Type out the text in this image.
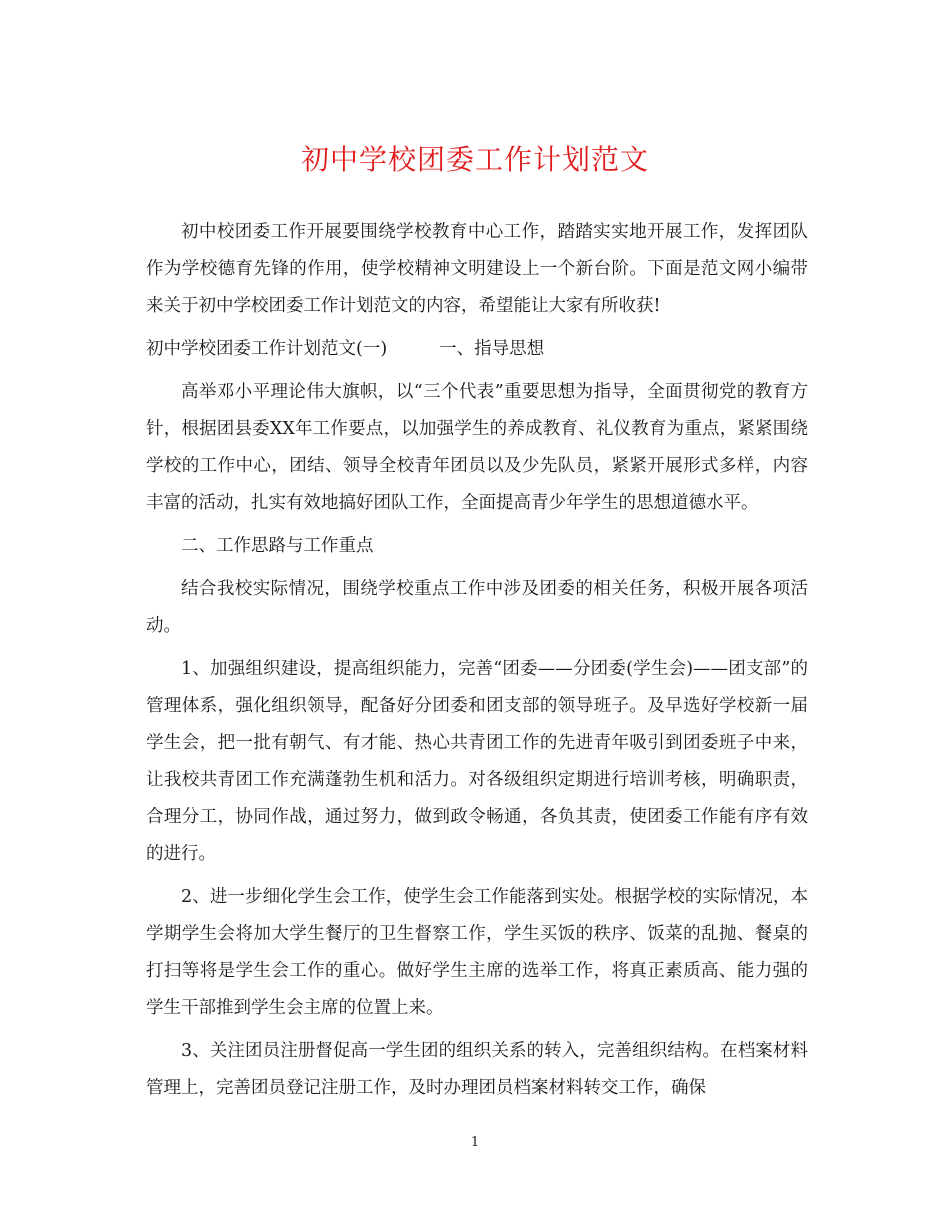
初中学校团委工作计划范文

初中校团委工作开展要围绕学校教育中心工作，踏踏实实地开展工作，发挥团队作为学校德育先锋的作用，使学校精神文明建设上一个新台阶。下面是范文网小编带来关于初中学校团委工作计划范文的内容，希望能让大家有所收获!

初中学校团委工作计划范文(一)	一、指导思想

高举邓小平理论伟大旗帜，以“三个代表”重要思想为指导，全面贯彻党的教育方针，根据团县委XX年工作要点，以加强学生的养成教育、礼仪教育为重点，紧紧围绕学校的工作中心，团结、领导全校青年团员以及少先队员，紧紧开展形式多样，内容丰富的活动，扎实有效地搞好团队工作，全面提高青少年学生的思想道德水平。

二、工作思路与工作重点

结合我校实际情况，围绕学校重点工作中涉及团委的相关任务，积极开展各项活动。

1、加强组织建设，提高组织能力，完善“团委——分团委(学生会)——团支部”的管理体系，强化组织领导，配备好分团委和团支部的领导班子。及早选好学校新一届学生会，把一批有朝气、有才能、热心共青团工作的先进青年吸引到团委班子中来，让我校共青团工作充满蓬勃生机和活力。对各级组织定期进行培训考核，明确职责，合理分工，协同作战，通过努力，做到政令畅通，各负其责，使团委工作能有序有效的进行。

2、进一步细化学生会工作，使学生会工作能落到实处。根据学校的实际情况，本学期学生会将加大学生餐厅的卫生督察工作，学生买饭的秩序、饭菜的乱抛、餐桌的打扫等将是学生会工作的重心。做好学生主席的选举工作，将真正素质高、能力强的学生干部推到学生会主席的位置上来。

3、关注团员注册督促高一学生团的组织关系的转入，完善组织结构。在档案材料管理上，完善团员登记注册工作，及时办理团员档案材料转交工作，确保

1
